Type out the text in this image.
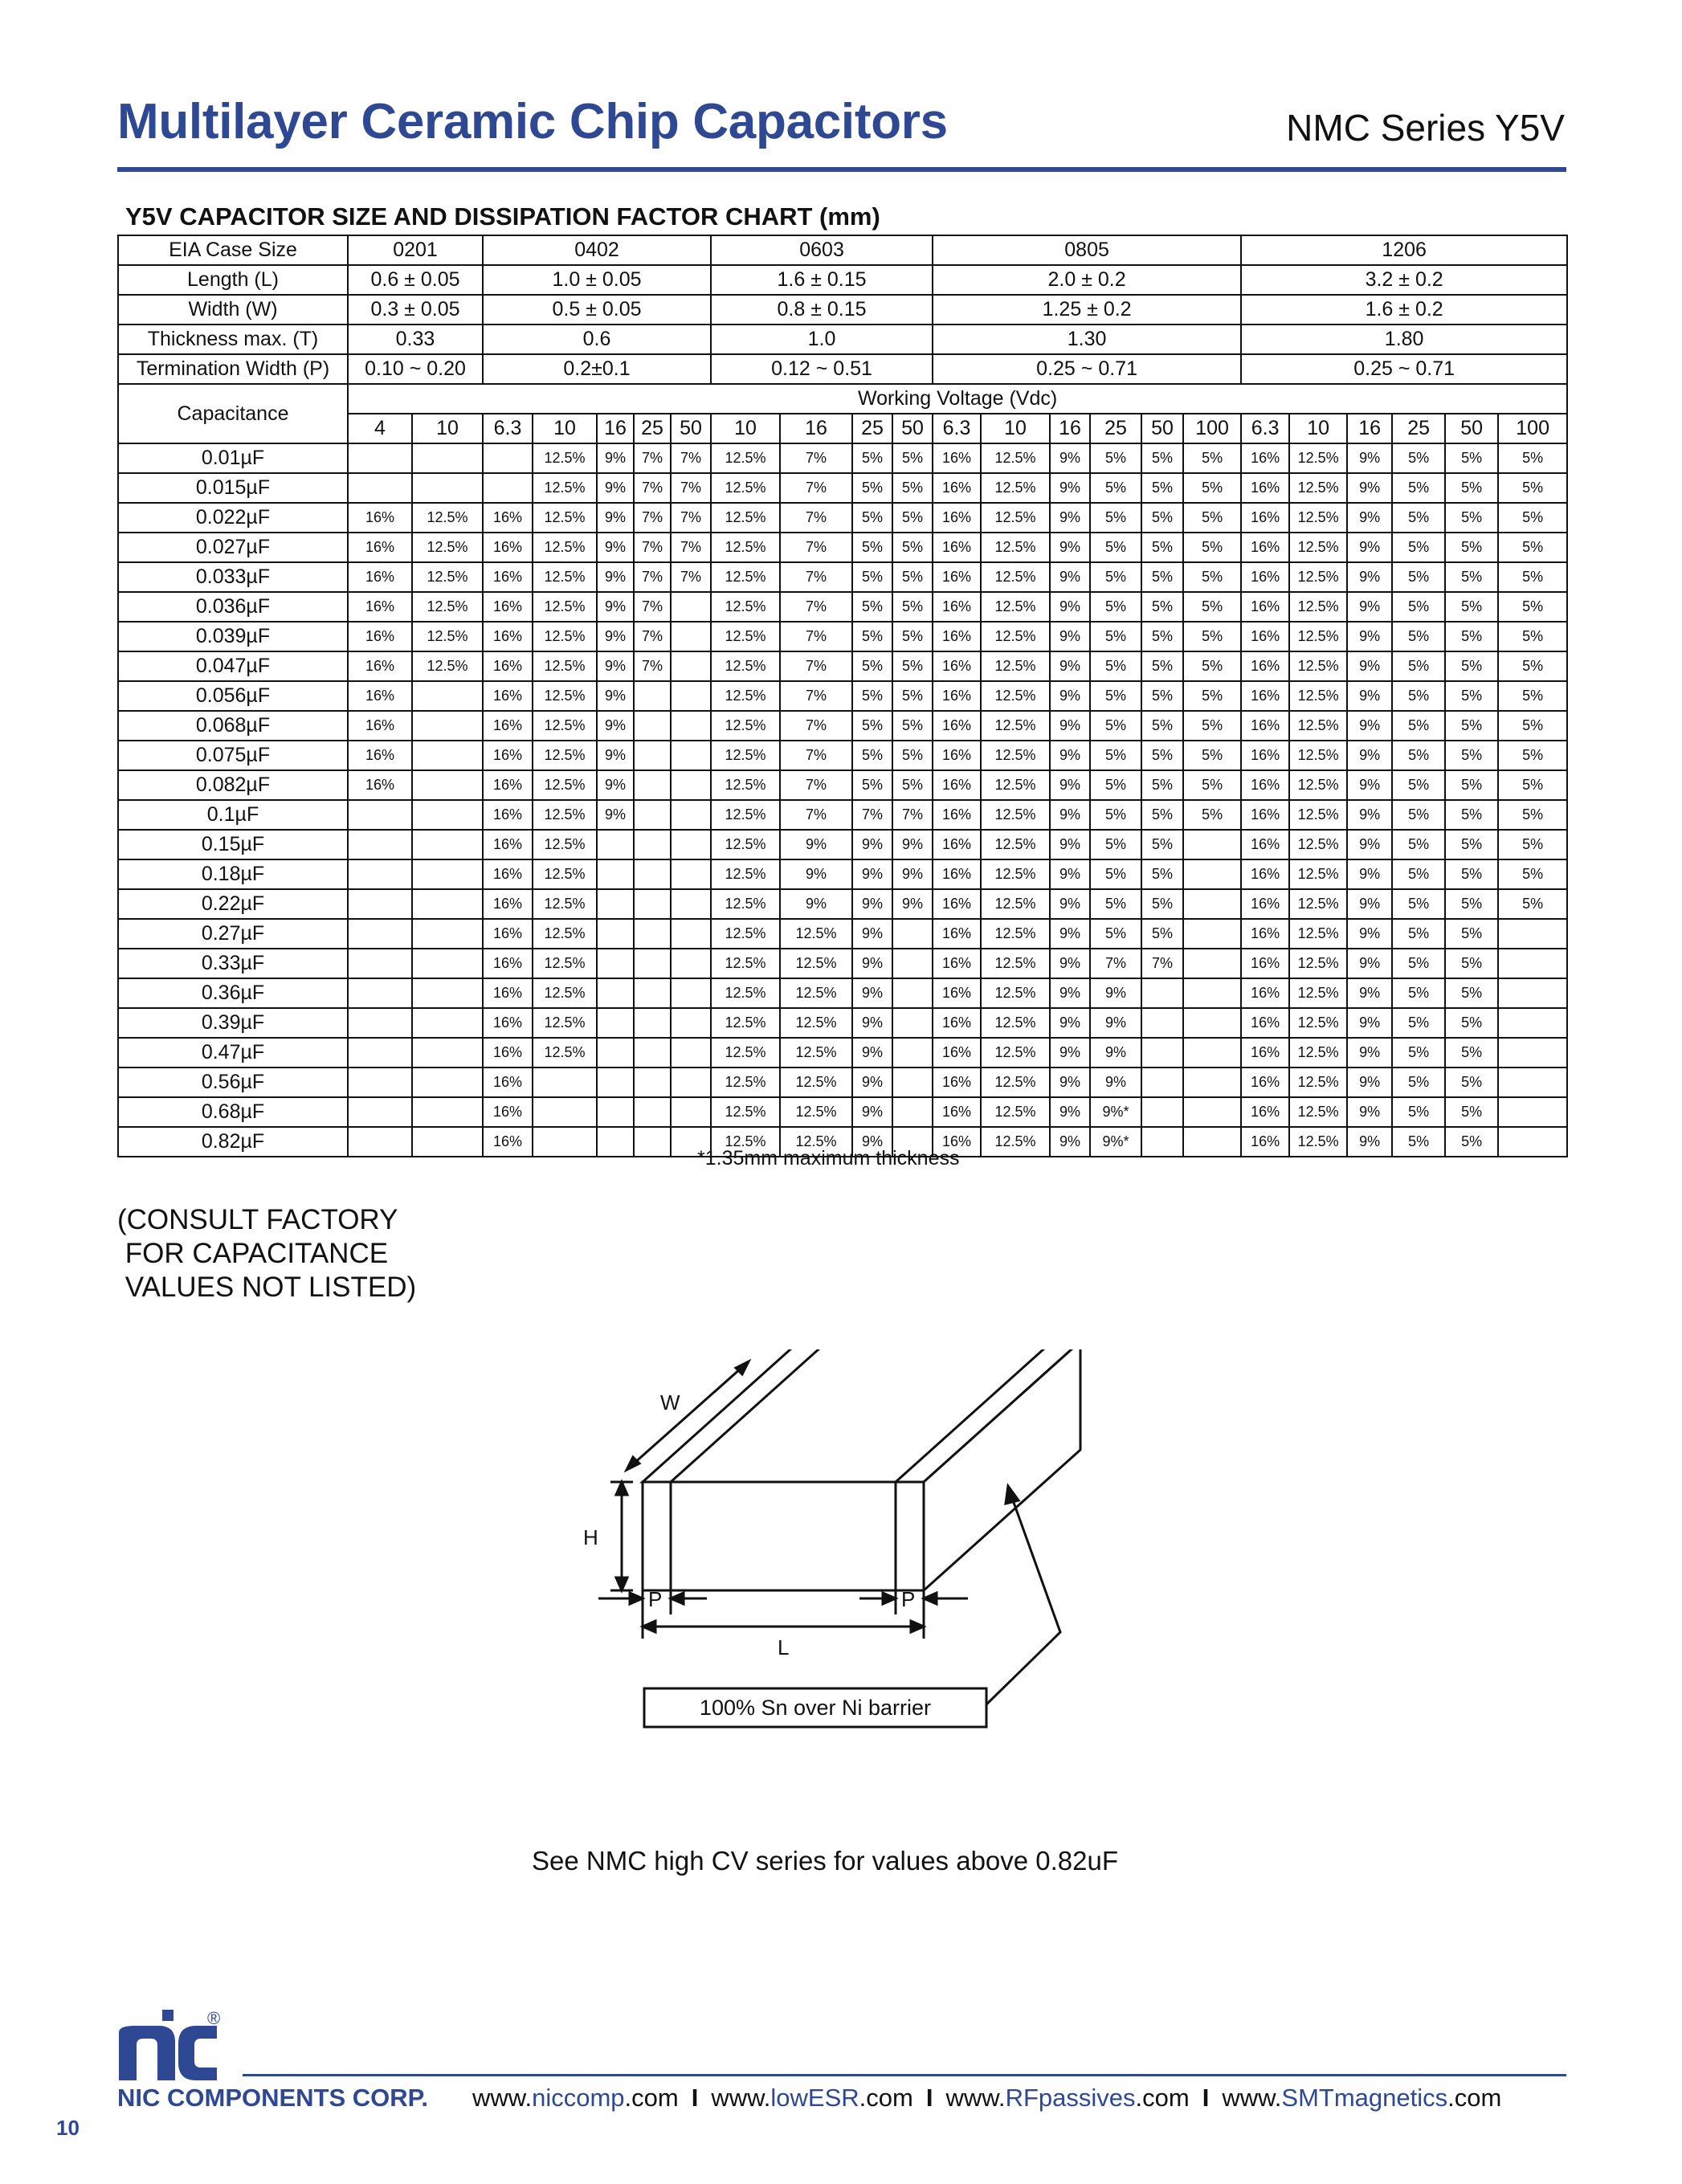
Multilayer Ceramic Chip Capacitors	NMC Series Y5V
Y5V CAPACITOR SIZE AND DISSIPATION FACTOR CHART (mm)
EIA Case Size	0201		0402					0603				0805						1206					
Length (L)	0.6 ± 0.05		1.0 ± 0.05					1.6 ± 0.15				2.0 ± 0.2						3.2 ± 0.2					
Width (W)	0.3 ± 0.05		0.5 ± 0.05					0.8 ± 0.15				1.25 ± 0.2						1.6 ± 0.2					
Thickness max. (T)	0.33		0.6					1.0				1.30						1.80					
Termination Width (P)	0.10 ~ 0.20		0.2±0.1					0.12 ~ 0.51				0.25 ~ 0.71						0.25 ~ 0.71					
Capacitance	Working Voltage (Vdc)																						
	4	10	6.3	10	16	25	50	10	16	25	50	6.3	10	16	25	50	100	6.3	10	16	25	50	100
0.01µF				12.5%	9%	7%	7%	12.5%	7%	5%	5%	16%	12.5%	9%	5%	5%	5%	16%	12.5%	9%	5%	5%	5%
0.015µF				12.5%	9%	7%	7%	12.5%	7%	5%	5%	16%	12.5%	9%	5%	5%	5%	16%	12.5%	9%	5%	5%	5%
0.022µF	16%	12.5%	16%	12.5%	9%	7%	7%	12.5%	7%	5%	5%	16%	12.5%	9%	5%	5%	5%	16%	12.5%	9%	5%	5%	5%
0.027µF	16%	12.5%	16%	12.5%	9%	7%	7%	12.5%	7%	5%	5%	16%	12.5%	9%	5%	5%	5%	16%	12.5%	9%	5%	5%	5%
0.033µF	16%	12.5%	16%	12.5%	9%	7%	7%	12.5%	7%	5%	5%	16%	12.5%	9%	5%	5%	5%	16%	12.5%	9%	5%	5%	5%
0.036µF	16%	12.5%	16%	12.5%	9%	7%		12.5%	7%	5%	5%	16%	12.5%	9%	5%	5%	5%	16%	12.5%	9%	5%	5%	5%
0.039µF	16%	12.5%	16%	12.5%	9%	7%		12.5%	7%	5%	5%	16%	12.5%	9%	5%	5%	5%	16%	12.5%	9%	5%	5%	5%
0.047µF	16%	12.5%	16%	12.5%	9%	7%		12.5%	7%	5%	5%	16%	12.5%	9%	5%	5%	5%	16%	12.5%	9%	5%	5%	5%
0.056µF	16%		16%	12.5%	9%			12.5%	7%	5%	5%	16%	12.5%	9%	5%	5%	5%	16%	12.5%	9%	5%	5%	5%
0.068µF	16%		16%	12.5%	9%			12.5%	7%	5%	5%	16%	12.5%	9%	5%	5%	5%	16%	12.5%	9%	5%	5%	5%
0.075µF	16%		16%	12.5%	9%			12.5%	7%	5%	5%	16%	12.5%	9%	5%	5%	5%	16%	12.5%	9%	5%	5%	5%
0.082µF	16%		16%	12.5%	9%			12.5%	7%	5%	5%	16%	12.5%	9%	5%	5%	5%	16%	12.5%	9%	5%	5%	5%
0.1µF			16%	12.5%	9%			12.5%	7%	7%	7%	16%	12.5%	9%	5%	5%	5%	16%	12.5%	9%	5%	5%	5%
0.15µF			16%	12.5%				12.5%	9%	9%	9%	16%	12.5%	9%	5%	5%		16%	12.5%	9%	5%	5%	5%
0.18µF			16%	12.5%				12.5%	9%	9%	9%	16%	12.5%	9%	5%	5%		16%	12.5%	9%	5%	5%	5%
0.22µF			16%	12.5%				12.5%	9%	9%	9%	16%	12.5%	9%	5%	5%		16%	12.5%	9%	5%	5%	5%
0.27µF			16%	12.5%				12.5%	12.5%	9%		16%	12.5%	9%	5%	5%		16%	12.5%	9%	5%	5%	
0.33µF			16%	12.5%				12.5%	12.5%	9%		16%	12.5%	9%	7%	7%		16%	12.5%	9%	5%	5%	
0.36µF			16%	12.5%				12.5%	12.5%	9%		16%	12.5%	9%	9%			16%	12.5%	9%	5%	5%	
0.39µF			16%	12.5%				12.5%	12.5%	9%		16%	12.5%	9%	9%			16%	12.5%	9%	5%	5%	
0.47µF			16%	12.5%				12.5%	12.5%	9%		16%	12.5%	9%	9%			16%	12.5%	9%	5%	5%	
0.56µF			16%					12.5%	12.5%	9%		16%	12.5%	9%	9%			16%	12.5%	9%	5%	5%	
0.68µF			16%					12.5%	12.5%	9%		16%	12.5%	9%	9%*			16%	12.5%	9%	5%	5%	
0.82µF			16%					12.5%	12.5%	9%		16%	12.5%	9%	9%*			16%	12.5%	9%	5%	5%	
*1.35mm maximum thickness
(CONSULT FACTORY
FOR CAPACITANCE
VALUES NOT LISTED)
W
H
P	P
L
100% Sn over Ni barrier
See NMC high CV series for values above 0.82uF
®
10
NIC COMPONENTS CORP. www.niccomp.com I www.lowESR.com I www.RFpassives.com I www.SMTmagnetics.com
